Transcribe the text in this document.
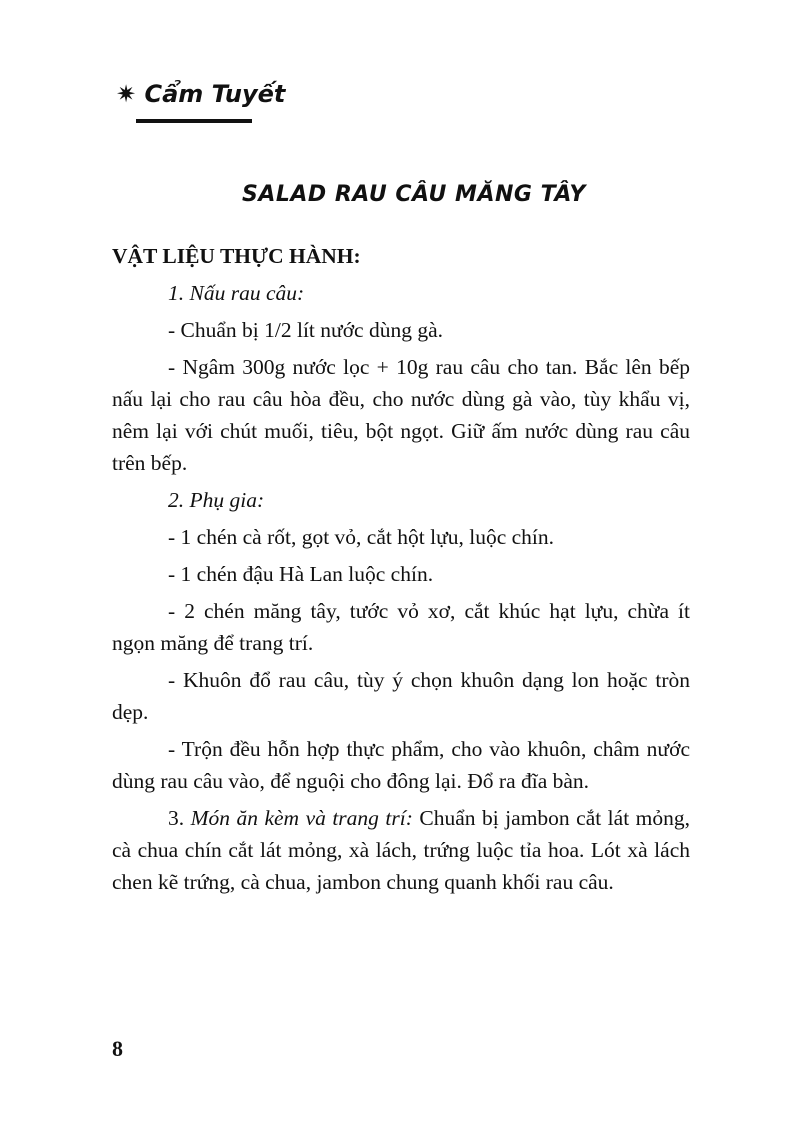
✷ Cẩm Tuyết
SALAD RAU CÂU MĂNG TÂY
VẬT LIỆU THỰC HÀNH:
1. Nấu rau câu:
- Chuẩn bị 1/2 lít nước dùng gà.
- Ngâm 300g nước lọc + 10g rau câu cho tan. Bắc lên bếp nấu lại cho rau câu hòa đều, cho nước dùng gà vào, tùy khẩu vị, nêm lại với chút muối, tiêu, bột ngọt. Giữ ấm nước dùng rau câu trên bếp.
2. Phụ gia:
- 1 chén cà rốt, gọt vỏ, cắt hột lựu, luộc chín.
- 1 chén đậu Hà Lan luộc chín.
- 2 chén măng tây, tước vỏ xơ, cắt khúc hạt lựu, chừa ít ngọn măng để trang trí.
- Khuôn đổ rau câu, tùy ý chọn khuôn dạng lon hoặc tròn dẹp.
- Trộn đều hỗn hợp thực phẩm, cho vào khuôn, châm nước dùng rau câu vào, để nguội cho đông lại. Đổ ra đĩa bàn.
3. Món ăn kèm và trang trí: Chuẩn bị jambon cắt lát mỏng, cà chua chín cắt lát mỏng, xà lách, trứng luộc tỉa hoa. Lót xà lách chen kẽ trứng, cà chua, jambon chung quanh khối rau câu.
8
